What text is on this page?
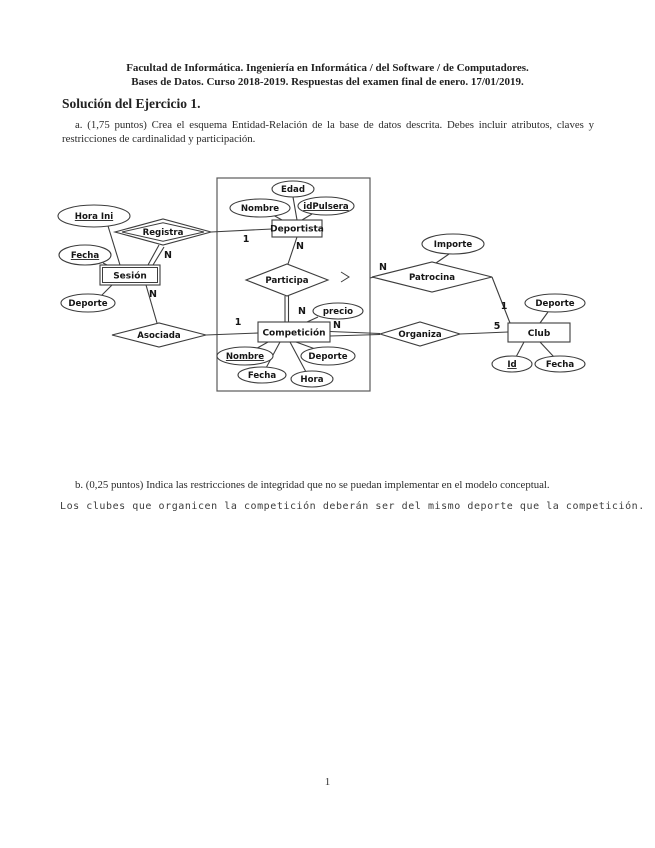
Facultad de Informática. Ingeniería en Informática / del Software / de Computadores.
Bases de Datos. Curso 2018-2019. Respuestas del examen final de enero. 17/01/2019.
Solución del Ejercicio 1.

a. (1,75 puntos) Crea el esquema Entidad-Relación de la base de datos descrita. Debes incluir atributos, claves y restricciones de cardinalidad y participación.

Registra
Participa
Asociada	Organiza
Patrocina
Sesión
Deportista
Competición	Club
Hora Ini
Fecha
Deporte
Edad
Nombre	idPulsera
precio
Nombre	Deporte
Fecha	Hora
Importe
Deporte
Id	Fecha
1
N
N
N
1
N
N
N
1
5

b. (0,25 puntos) Indica las restricciones de integridad que no se puedan implementar en el modelo conceptual.

Los clubes que organicen la competición deberán ser del mismo deporte que la competición.

1
